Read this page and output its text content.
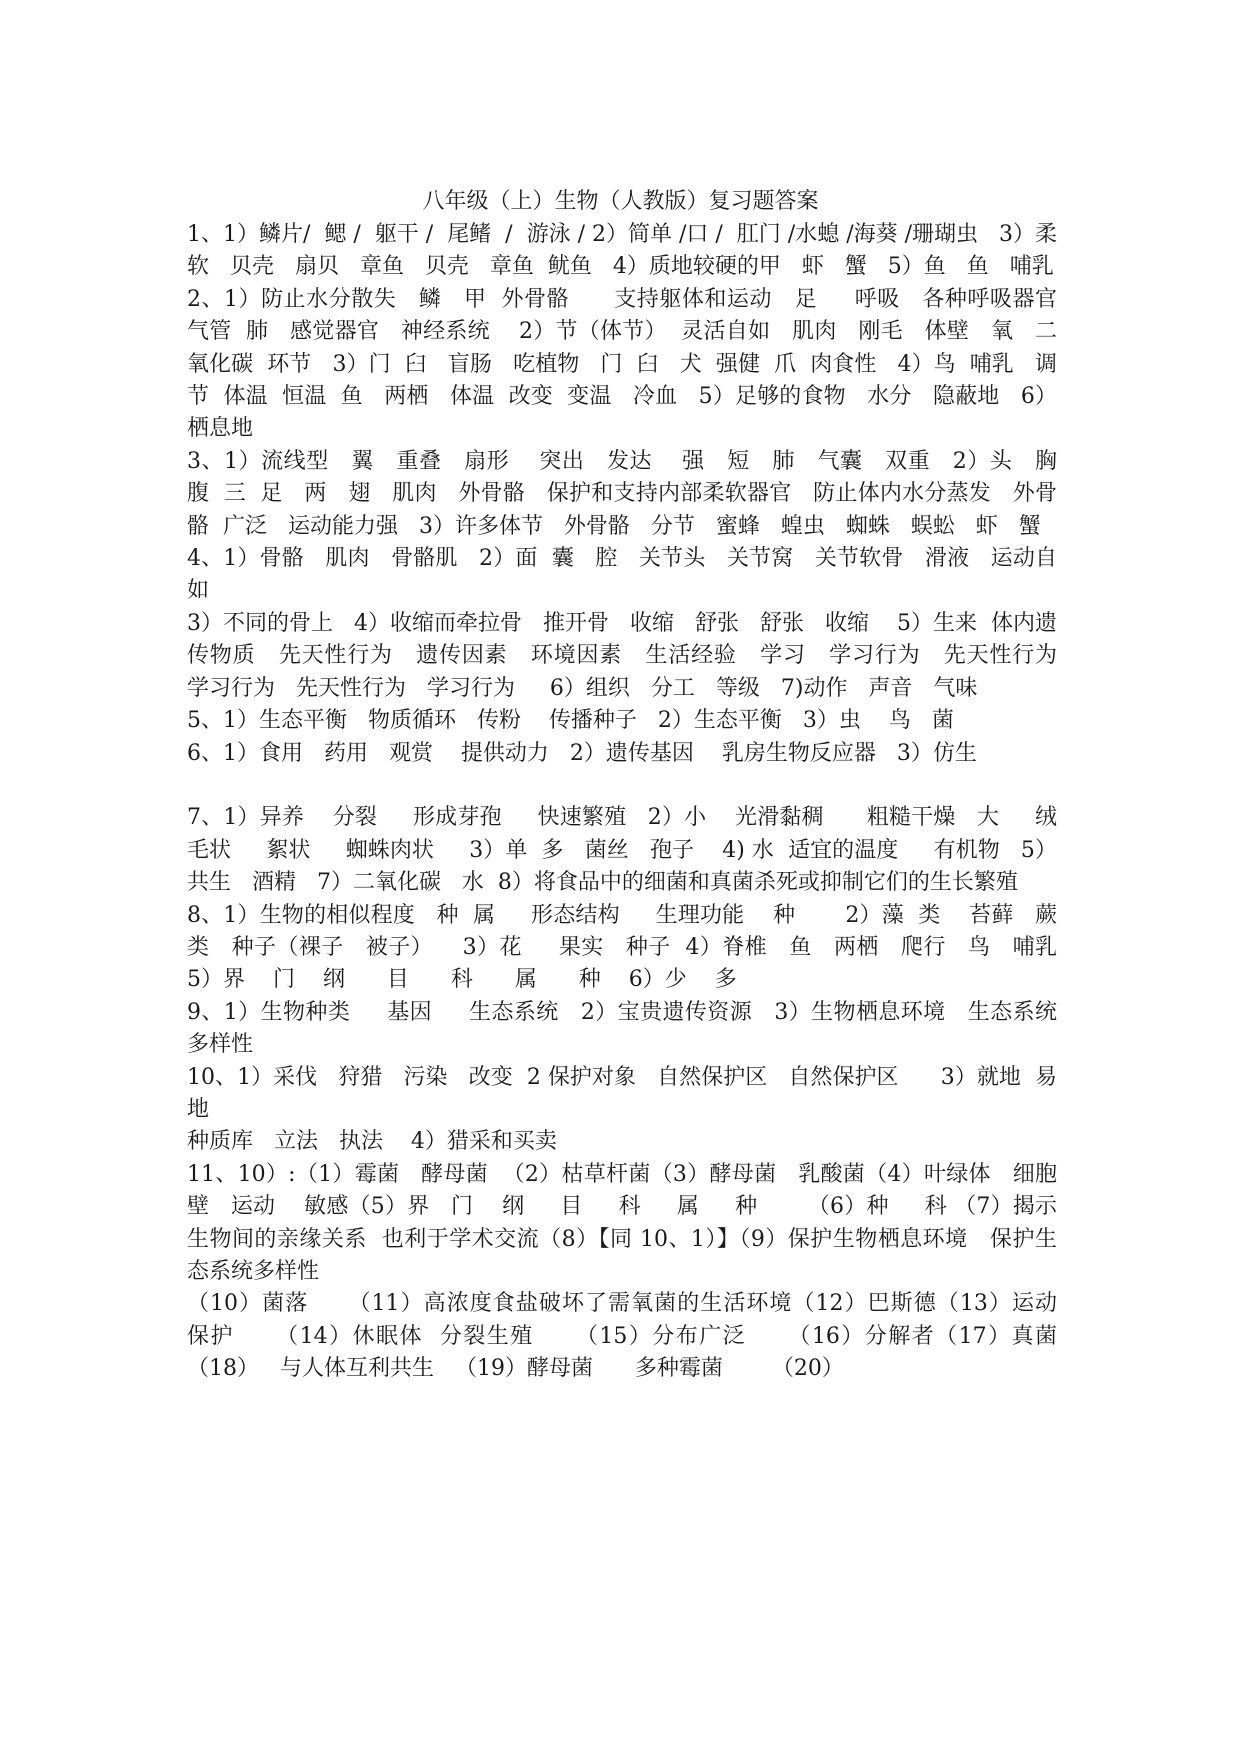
八年级（上）生物（人教版）复习题答案

1、1）鳞片/  鳃 /  躯干 /  尾鳍  /  游泳 / 2）简单 /口 /  肛门 /水螅 /海葵 /珊瑚虫   3）柔软   贝壳   扇贝   章鱼   贝壳   章鱼  鱿鱼   4）质地较硬的甲   虾   蟹   5）鱼   鱼   哺乳

2、1）防止水分散失   鳞   甲  外骨骼      支持躯体和运动   足     呼吸   各种呼吸器官   气管  肺   感觉器官   神经系统    2）节（体节）  灵活自如   肌肉   刚毛   体壁   氧   二氧化碳  环节   3）门  臼   盲肠   吃植物   门  臼   犬  强健  爪  肉食性   4）鸟  哺乳   调节  体温  恒温  鱼   两栖   体温  改变  变温   冷血   5）足够的食物   水分   隐蔽地   6）栖息地

3、1）流线型   翼   重叠   扇形    突出   发达    强   短   肺   气囊   双重   2）头   胸   腹  三  足   两   翅   肌肉   外骨骼   保护和支持内部柔软器官   防止体内水分蒸发   外骨骼  广泛   运动能力强   3）许多体节   外骨骼   分节   蜜蜂   蝗虫   蜘蛛   蜈蚣   虾   蟹

4、1）骨骼   肌肉   骨骼肌   2）面  囊   腔   关节头   关节窝   关节软骨   滑液   运动自如

3）不同的骨上   4）收缩而牵拉骨   推开骨   收缩   舒张   舒张   收缩    5）生来  体内遗传物质   先天性行为   遗传因素   环境因素   生活经验   学习   学习行为   先天性行为        学习行为   先天性行为   学习行为     6）组织   分工   等级   7)动作   声音   气味

5、1）生态平衡   物质循环   传粉    传播种子   2）生态平衡   3）虫    鸟   菌

6、1）食用   药用   观赏    提供动力   2）遗传基因    乳房生物反应器   3）仿生

7、1）异养    分裂     形成芽孢     快速繁殖   2）小    光滑黏稠      粗糙干燥   大     绒毛状     絮状     蜘蛛肉状     3）单  多   菌丝   孢子    4) 水  适宜的温度     有机物   5）共生   酒精   7）二氧化碳   水  8）将食品中的细菌和真菌杀死或抑制它们的生长繁殖

8、1）生物的相似程度   种  属     形态结构     生理功能    种       2）藻  类    苔藓   蕨类   种子（裸子   被子）    3）花     果实   种子  4）脊椎   鱼   两栖   爬行   鸟   哺乳     5）界    门    纲      目      科      属      种    6）少    多

9、1）生物种类     基因     生态系统   2）宝贵遗传资源   3）生物栖息环境   生态系统多样性

10、1）采伐   狩猎   污染   改变  2 保护对象   自然保护区   自然保护区      3）就地  易地

种质库   立法   执法    4）猎采和买卖

11、10）:（1）霉菌   酵母菌  （2）枯草杆菌（3）酵母菌   乳酸菌（4）叶绿体   细胞壁   运动    敏感（5）界   门    纲     目     科     属     种       （6）种     科 （7）揭示生物间的亲缘关系  也利于学术交流（8）【同 10、1）】（9）保护生物栖息环境   保护生态系统多样性

（10）菌落     （11）高浓度食盐破坏了需氧菌的生活环境（12）巴斯德（13）运动    保护     （14）休眠体  分裂生殖     （15）分布广泛     （16）分解者（17）真菌     （18）   与人体互利共生   （19）酵母菌      多种霉菌       （20）
